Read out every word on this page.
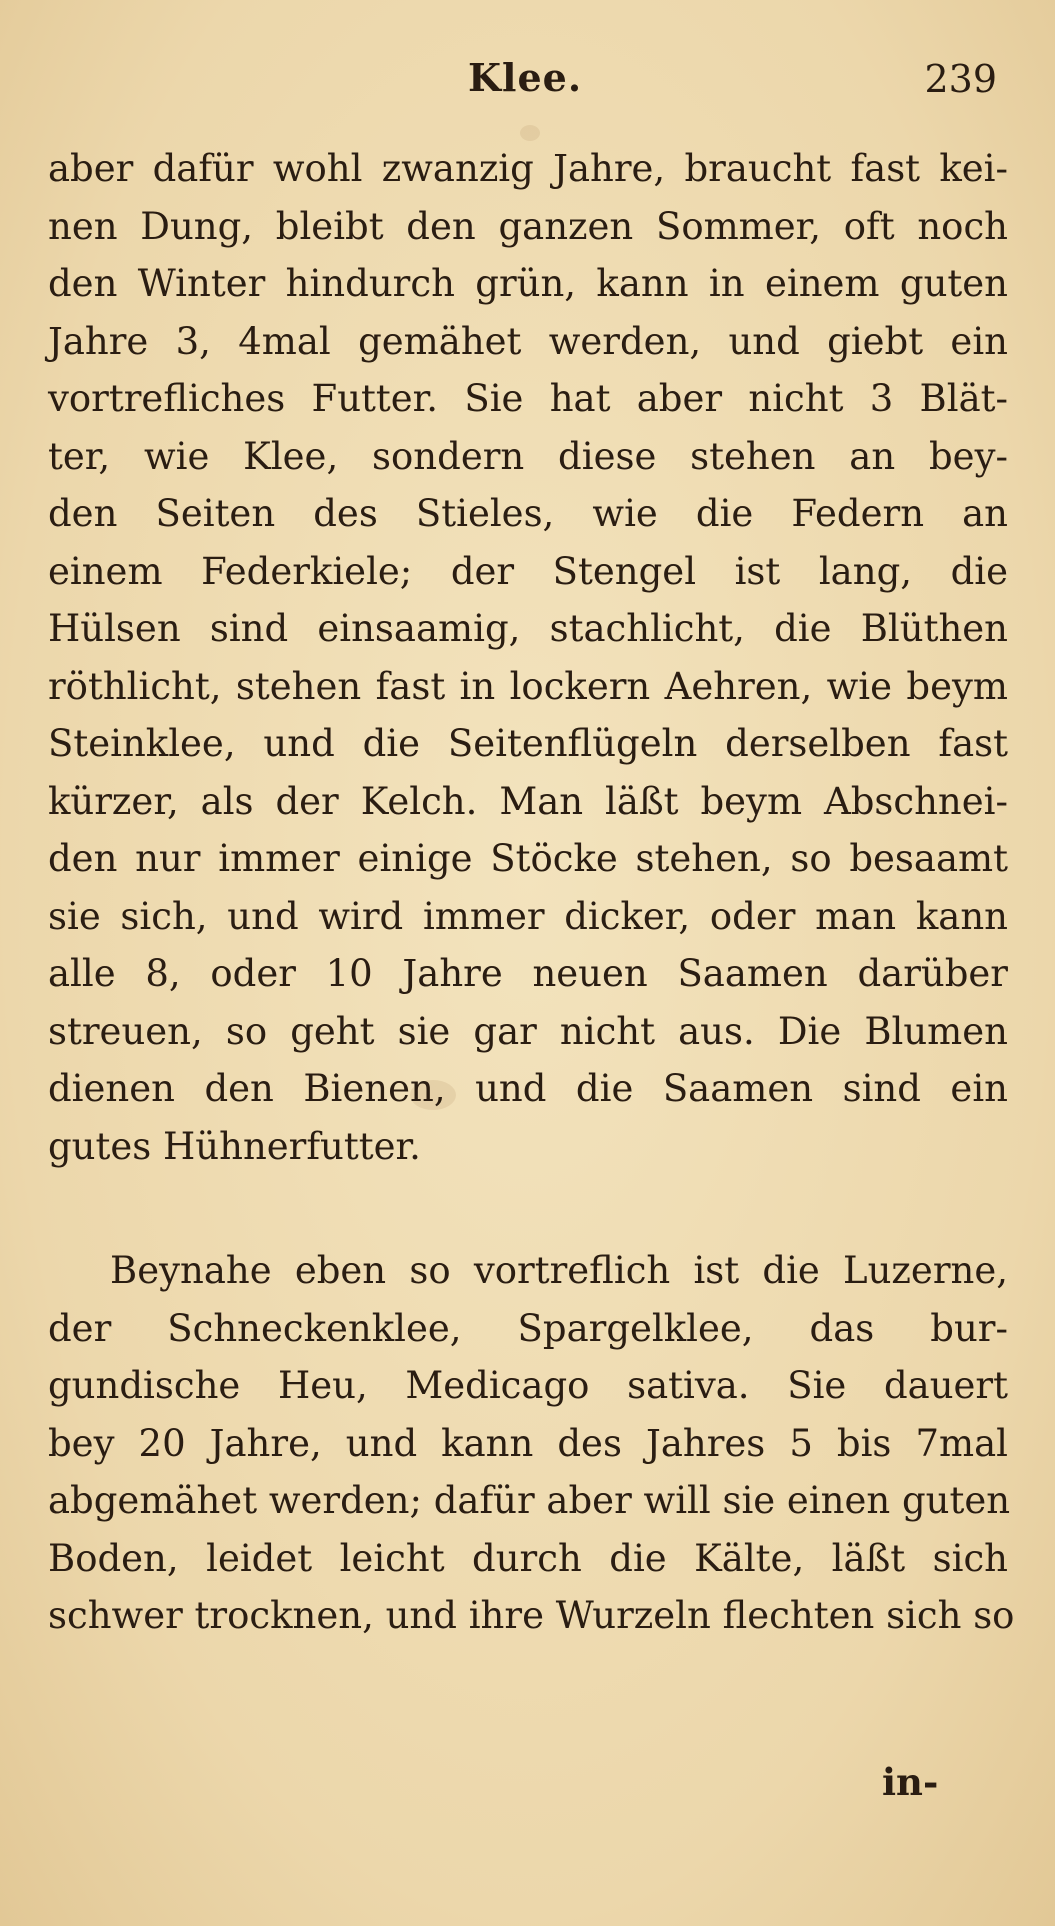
Klee.	239
aber dafür wohl zwanzig Jahre, braucht fast kei-
nen Dung, bleibt den ganzen Sommer, oft noch
den Winter hindurch grün, kann in einem guten
Jahre 3, 4mal gemähet werden, und giebt ein
vortrefliches Futter. Sie hat aber nicht 3 Blät-
ter, wie Klee, sondern diese stehen an bey-
den Seiten des Stieles, wie die Federn an
einem Federkiele; der Stengel ist lang, die
Hülsen sind einsaamig, stachlicht, die Blüthen
röthlicht, stehen fast in lockern Aehren, wie beym
Steinklee, und die Seitenflügeln derselben fast
kürzer, als der Kelch. Man läßt beym Abschnei-
den nur immer einige Stöcke stehen, so besaamt
sie sich, und wird immer dicker, oder man kann
alle 8, oder 10 Jahre neuen Saamen darüber
streuen, so geht sie gar nicht aus. Die Blumen
dienen den Bienen, und die Saamen sind ein
gutes Hühnerfutter.
Beynahe eben so vortreflich ist die Luzerne,
der Schneckenklee, Spargelklee, das bur-
gundische Heu, Medicago sativa. Sie dauert
bey 20 Jahre, und kann des Jahres 5 bis 7mal
abgemähet werden; dafür aber will sie einen guten
Boden, leidet leicht durch die Kälte, läßt sich
schwer trocknen, und ihre Wurzeln flechten sich so
in-
